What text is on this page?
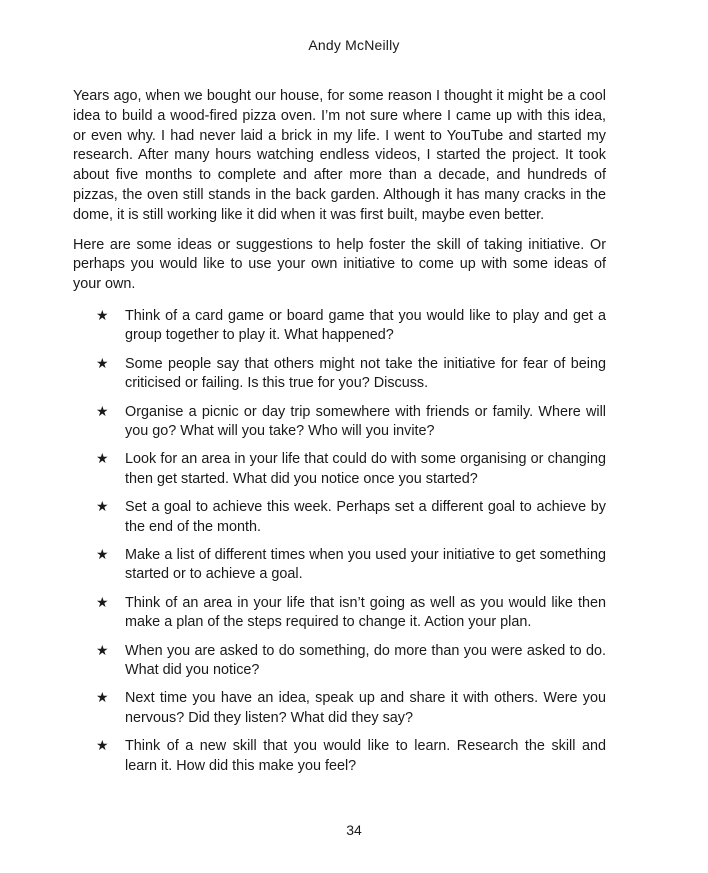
Andy McNeilly

Years ago, when we bought our house, for some reason I thought it might be a cool idea to build a wood-fired pizza oven. I’m not sure where I came up with this idea, or even why. I had never laid a brick in my life. I went to YouTube and started my research. After many hours watching endless videos, I started the project. It took about five months to complete and after more than a decade, and hundreds of pizzas, the oven still stands in the back garden. Although it has many cracks in the dome, it is still working like it did when it was first built, maybe even better.

Here are some ideas or suggestions to help foster the skill of taking initiative. Or perhaps you would like to use your own initiative to come up with some ideas of your own.

★ Think of a card game or board game that you would like to play and get a group together to play it. What happened?
★ Some people say that others might not take the initiative for fear of being criticised or failing. Is this true for you? Discuss.
★ Organise a picnic or day trip somewhere with friends or family. Where will you go? What will you take? Who will you invite?
★ Look for an area in your life that could do with some organising or changing then get started. What did you notice once you started?
★ Set a goal to achieve this week. Perhaps set a different goal to achieve by the end of the month.
★ Make a list of different times when you used your initiative to get something started or to achieve a goal.
★ Think of an area in your life that isn’t going as well as you would like then make a plan of the steps required to change it. Action your plan.
★ When you are asked to do something, do more than you were asked to do. What did you notice?
★ Next time you have an idea, speak up and share it with others. Were you nervous? Did they listen? What did they say?
★ Think of a new skill that you would like to learn. Research the skill and learn it. How did this make you feel?
34
